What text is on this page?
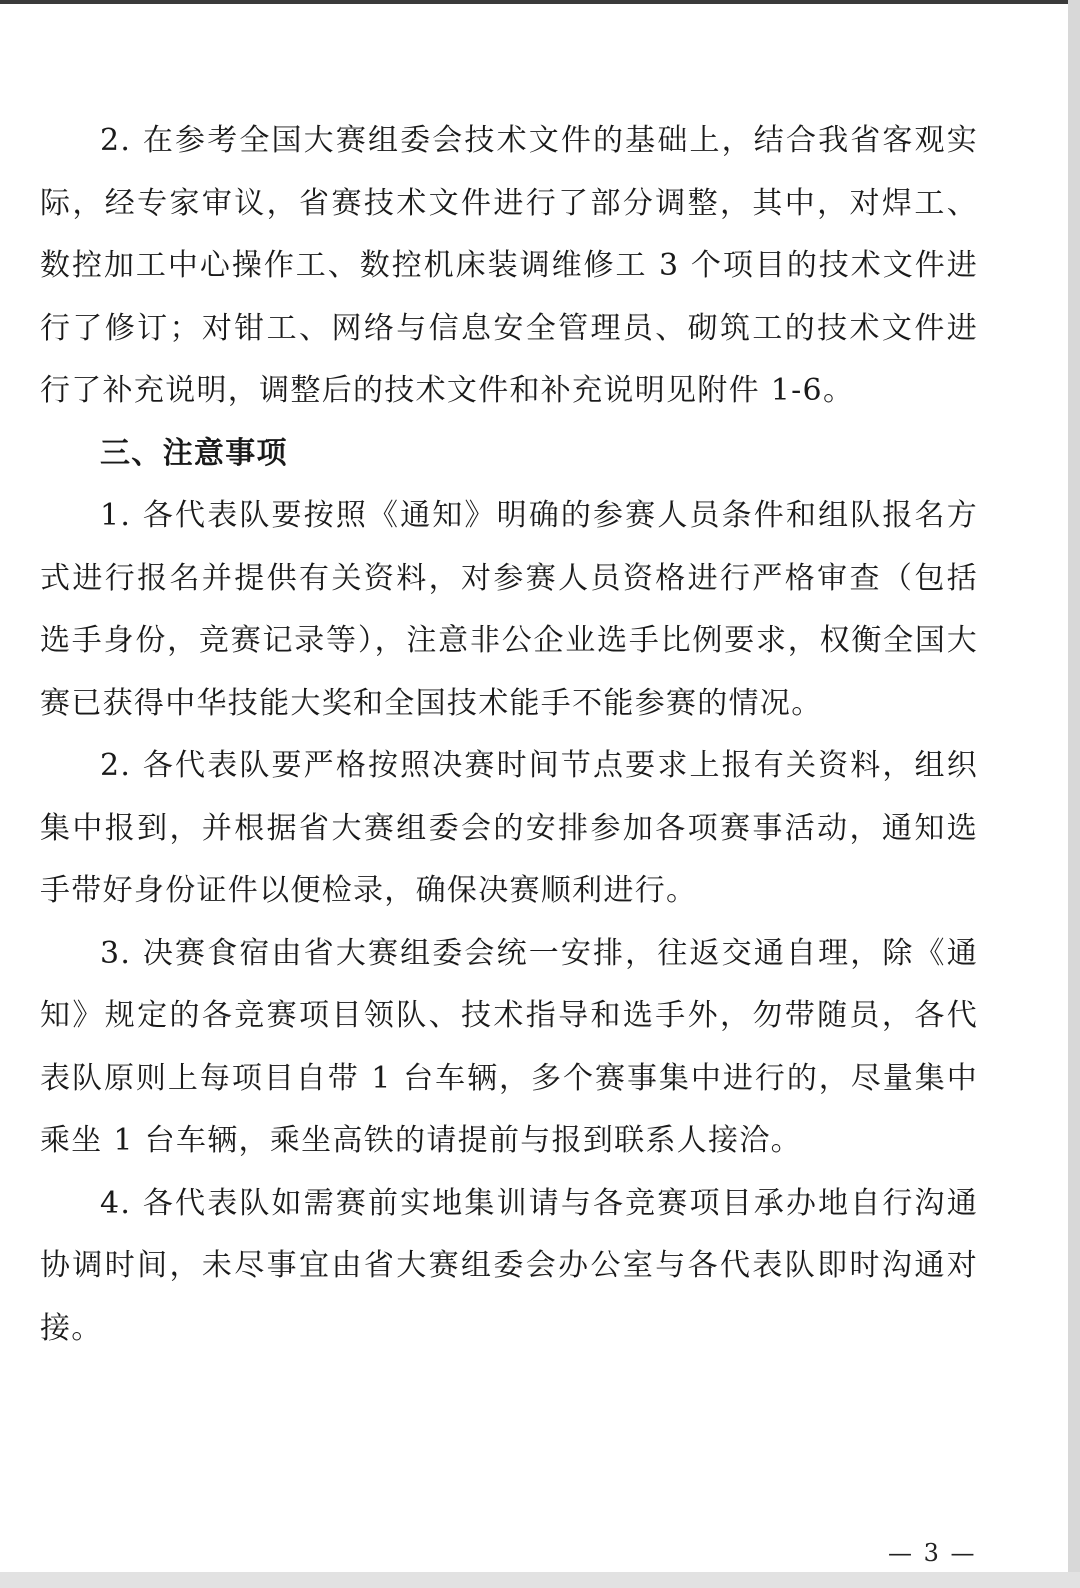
2. 在参考全国大赛组委会技术文件的基础上，结合我省客观实际，经专家审议，省赛技术文件进行了部分调整，其中，对焊工、数控加工中心操作工、数控机床装调维修工 3 个项目的技术文件进行了修订；对钳工、网络与信息安全管理员、砌筑工的技术文件进行了补充说明，调整后的技术文件和补充说明见附件 1-6。

三、注意事项

1. 各代表队要按照《通知》明确的参赛人员条件和组队报名方式进行报名并提供有关资料，对参赛人员资格进行严格审查（包括选手身份，竞赛记录等），注意非公企业选手比例要求，权衡全国大赛已获得中华技能大奖和全国技术能手不能参赛的情况。

2. 各代表队要严格按照决赛时间节点要求上报有关资料，组织集中报到，并根据省大赛组委会的安排参加各项赛事活动，通知选手带好身份证件以便检录，确保决赛顺利进行。

3. 决赛食宿由省大赛组委会统一安排，往返交通自理，除《通知》规定的各竞赛项目领队、技术指导和选手外，勿带随员，各代表队原则上每项目自带 1 台车辆，多个赛事集中进行的，尽量集中乘坐 1 台车辆，乘坐高铁的请提前与报到联系人接洽。

4. 各代表队如需赛前实地集训请与各竞赛项目承办地自行沟通协调时间，未尽事宜由省大赛组委会办公室与各代表队即时沟通对接。

— 3 —
